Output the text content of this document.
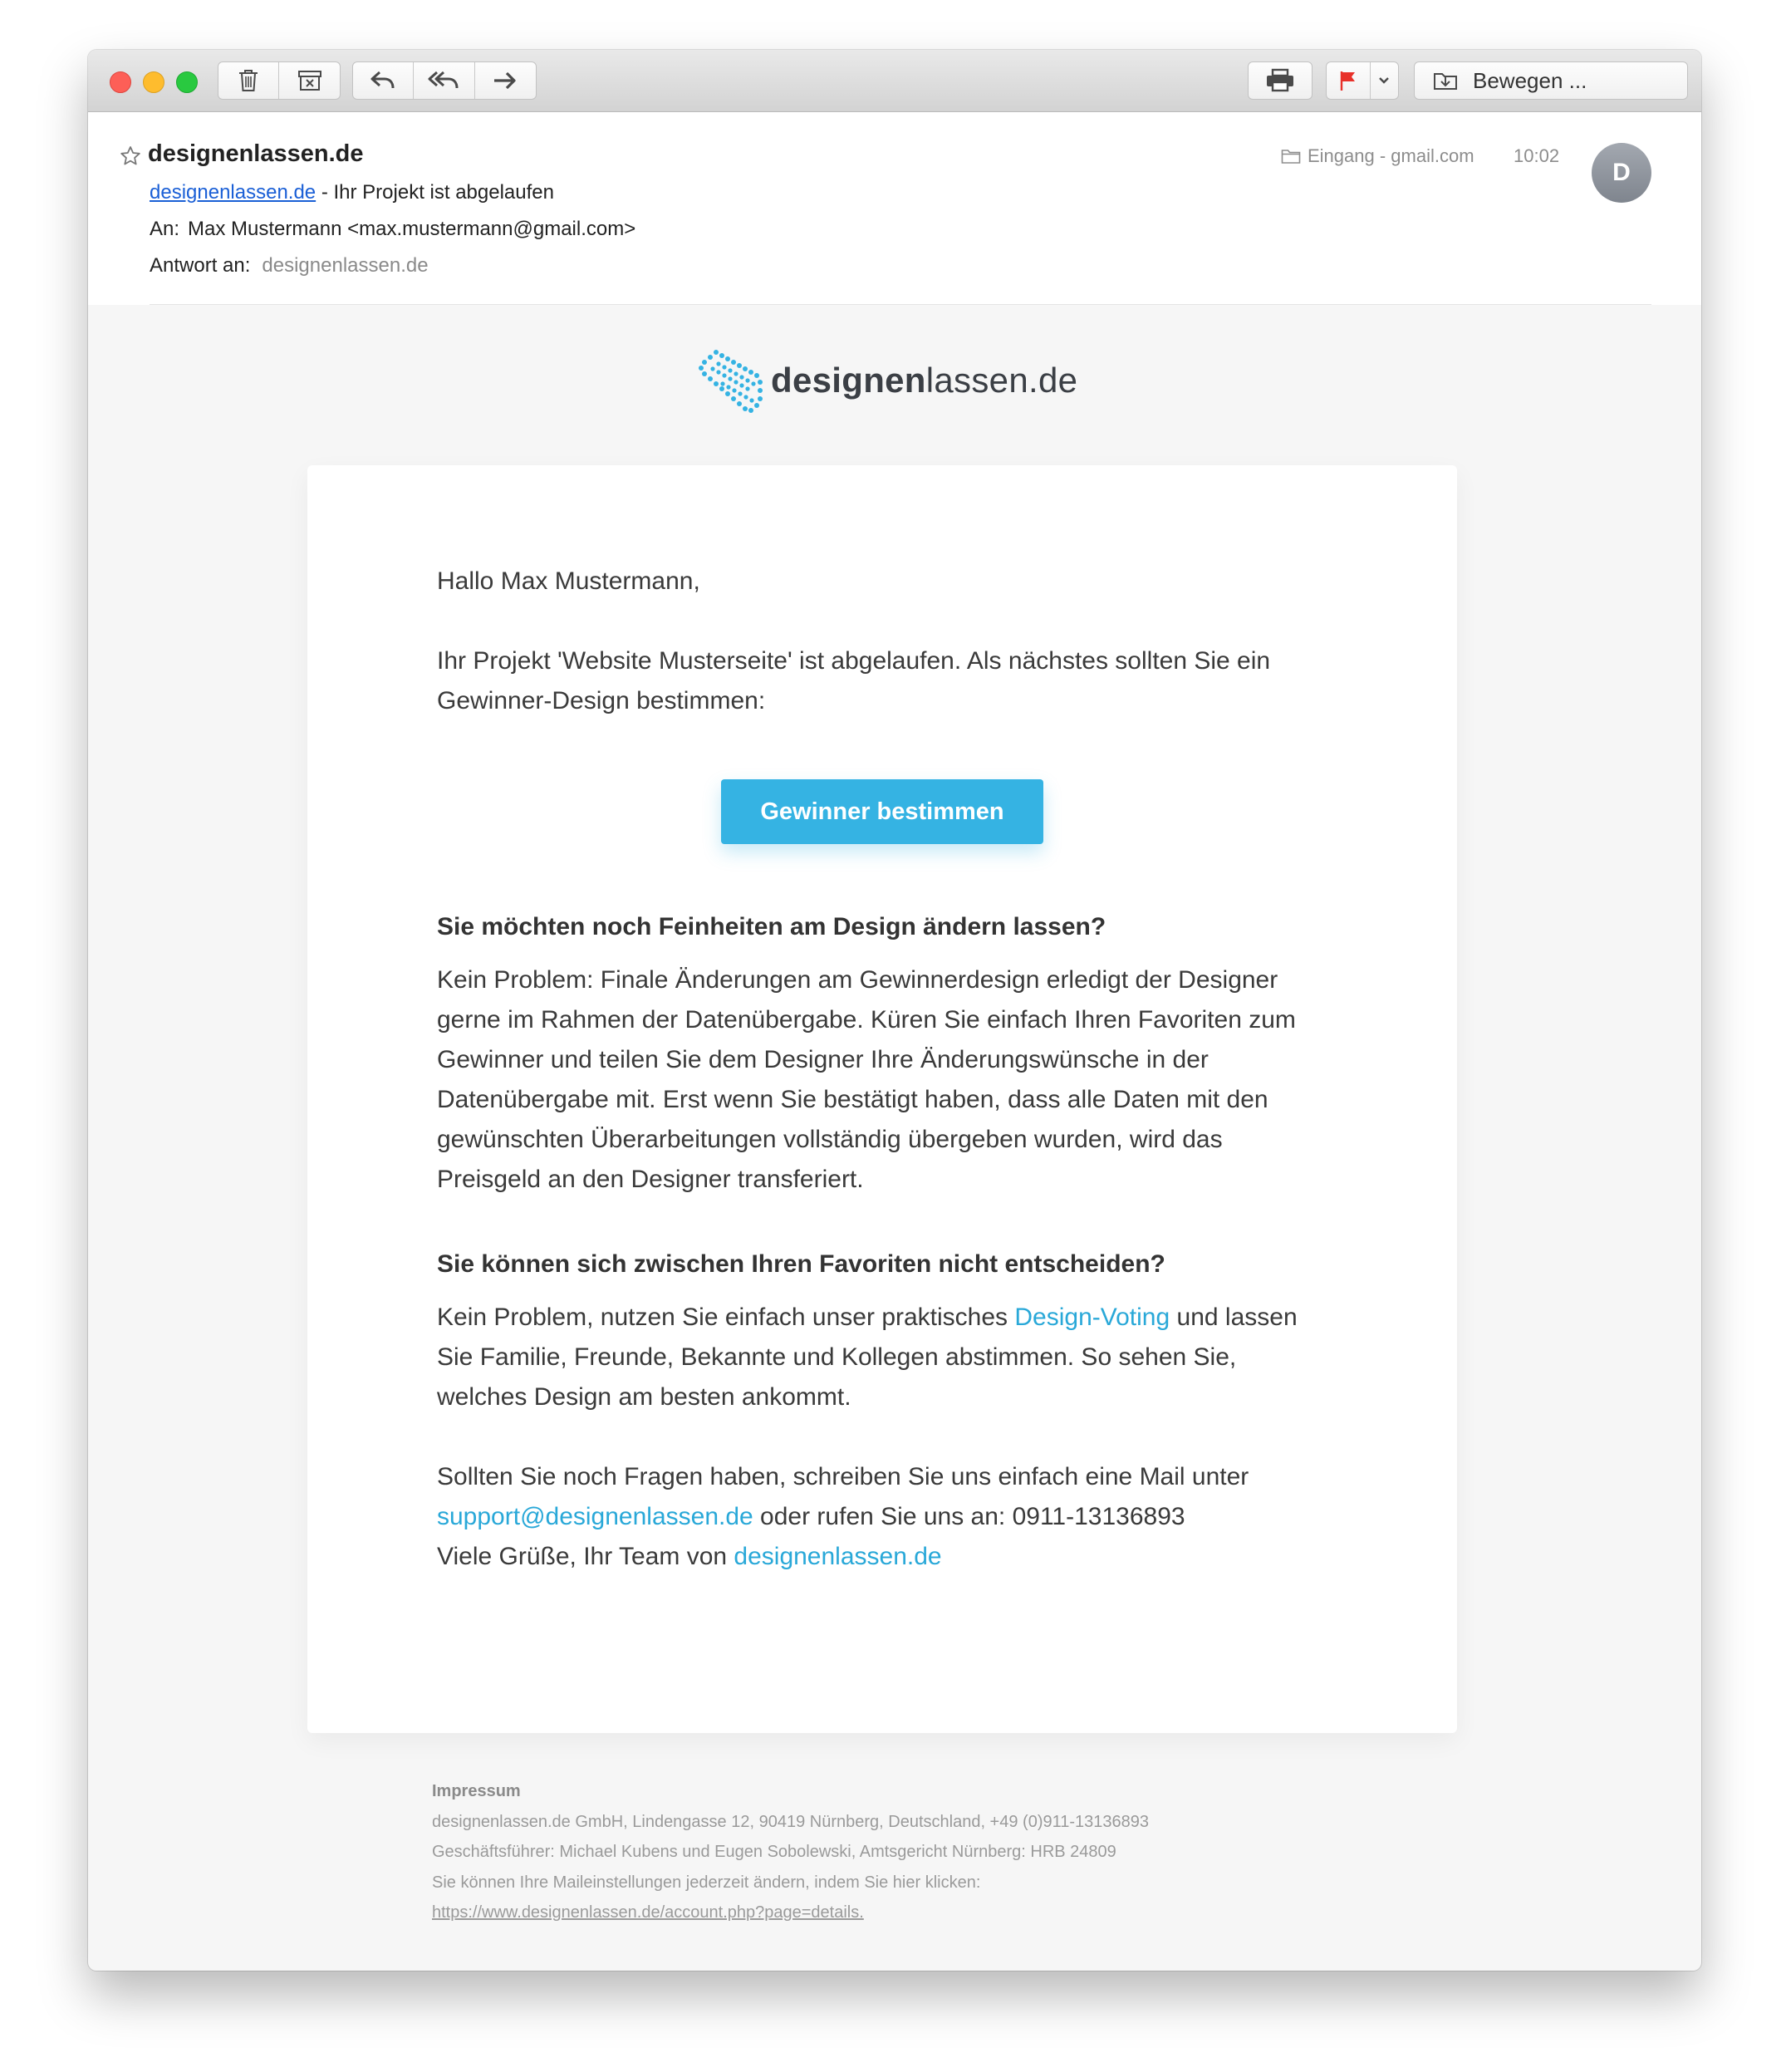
Bewegen ...
designenlassen.de
designenlassen.de - Ihr Projekt ist abgelaufen
An: Max Mustermann <max.mustermann@gmail.com>
Antwort an: designenlassen.de
Eingang - gmail.com 10:02
D
designenlassen.de

Hallo Max Mustermann,

Ihr Projekt 'Website Musterseite' ist abgelaufen. Als nächstes sollten Sie ein Gewinner-Design bestimmen:

Gewinner bestimmen
Sie möchten noch Feinheiten am Design ändern lassen?

Kein Problem: Finale Änderungen am Gewinnerdesign erledigt der Designer gerne im Rahmen der Datenübergabe. Küren Sie einfach Ihren Favoriten zum Gewinner und teilen Sie dem Designer Ihre Änderungswünsche in der Datenübergabe mit. Erst wenn Sie bestätigt haben, dass alle Daten mit den gewünschten Überarbeitungen vollständig übergeben wurden, wird das Preisgeld an den Designer transferiert.

Sie können sich zwischen Ihren Favoriten nicht entscheiden?

Kein Problem, nutzen Sie einfach unser praktisches Design-Voting und lassen Sie Familie, Freunde, Bekannte und Kollegen abstimmen. So sehen Sie, welches Design am besten ankommt.

Sollten Sie noch Fragen haben, schreiben Sie uns einfach eine Mail unter support@designenlassen.de oder rufen Sie uns an: 0911-13136893

Viele Grüße, Ihr Team von designenlassen.de

Impressum
designenlassen.de GmbH, Lindengasse 12, 90419 Nürnberg, Deutschland, +49 (0)911-13136893
Geschäftsführer: Michael Kubens und Eugen Sobolewski, Amtsgericht Nürnberg: HRB 24809
Sie können Ihre Maileinstellungen jederzeit ändern, indem Sie hier klicken:
https://www.designenlassen.de/account.php?page=details.
